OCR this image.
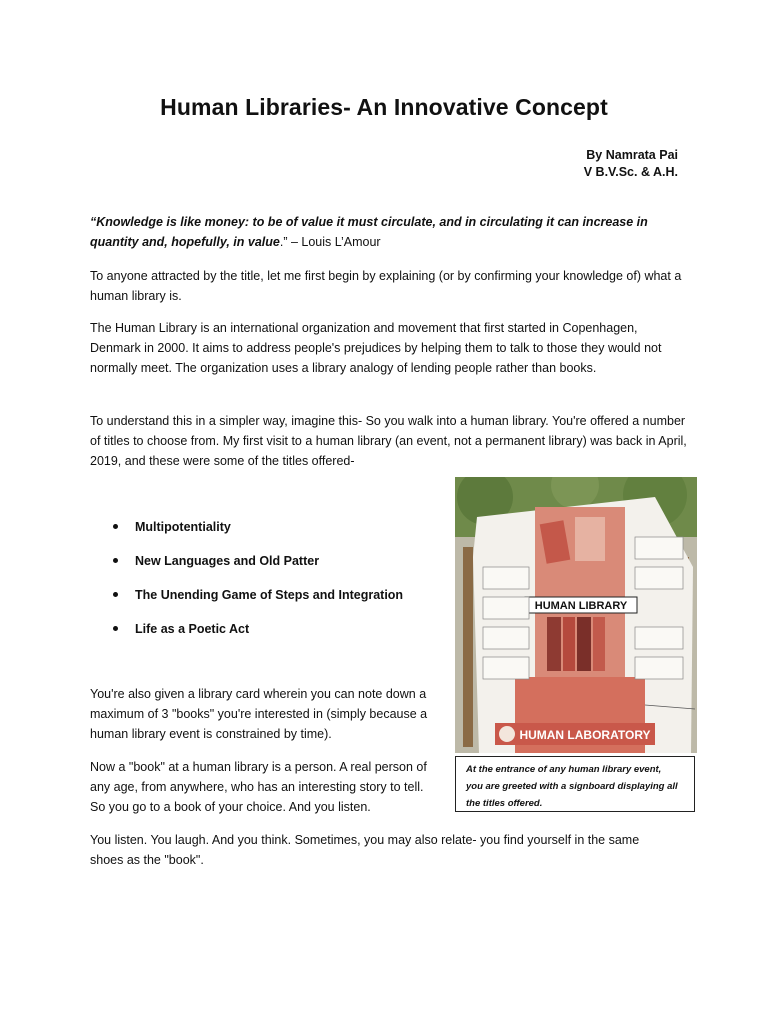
Human Libraries- An Innovative Concept
By Namrata Pai
V B.V.Sc. & A.H.

“Knowledge is like money: to be of value it must circulate, and in circulating it can increase in quantity and, hopefully, in value.” – Louis L’Amour

To anyone attracted by the title, let me first begin by explaining (or by confirming your knowledge of) what a human library is.

The Human Library is an international organization and movement that first started in Copenhagen, Denmark in 2000. It aims to address people's prejudices by helping them to talk to those they would not normally meet. The organization uses a library analogy of lending people rather than books.

To understand this in a simpler way, imagine this- So you walk into a human library. You're offered a number of titles to choose from. My first visit to a human library (an event, not a permanent library) was back in April, 2019, and these were some of the titles offered-

Multipotentiality
New Languages and Old Patter
The Unending Game of Steps and Integration
Life as a Poetic Act

You're also given a library card wherein you can note down a maximum of 3 "books" you're interested in (simply because a human library event is constrained by time).

Now a "book" at a human library is a person. A real person of any age, from anywhere, who has an interesting story to tell. So you go to a book of your choice. And you listen.

You listen. You laugh. And you think. Sometimes, you may also relate- you find yourself in the same shoes as the "book".

HUMAN LIBRARY
HUMAN LABORATORY
At the entrance of any human library event,
you are greeted with a signboard displaying all
the titles offered.
